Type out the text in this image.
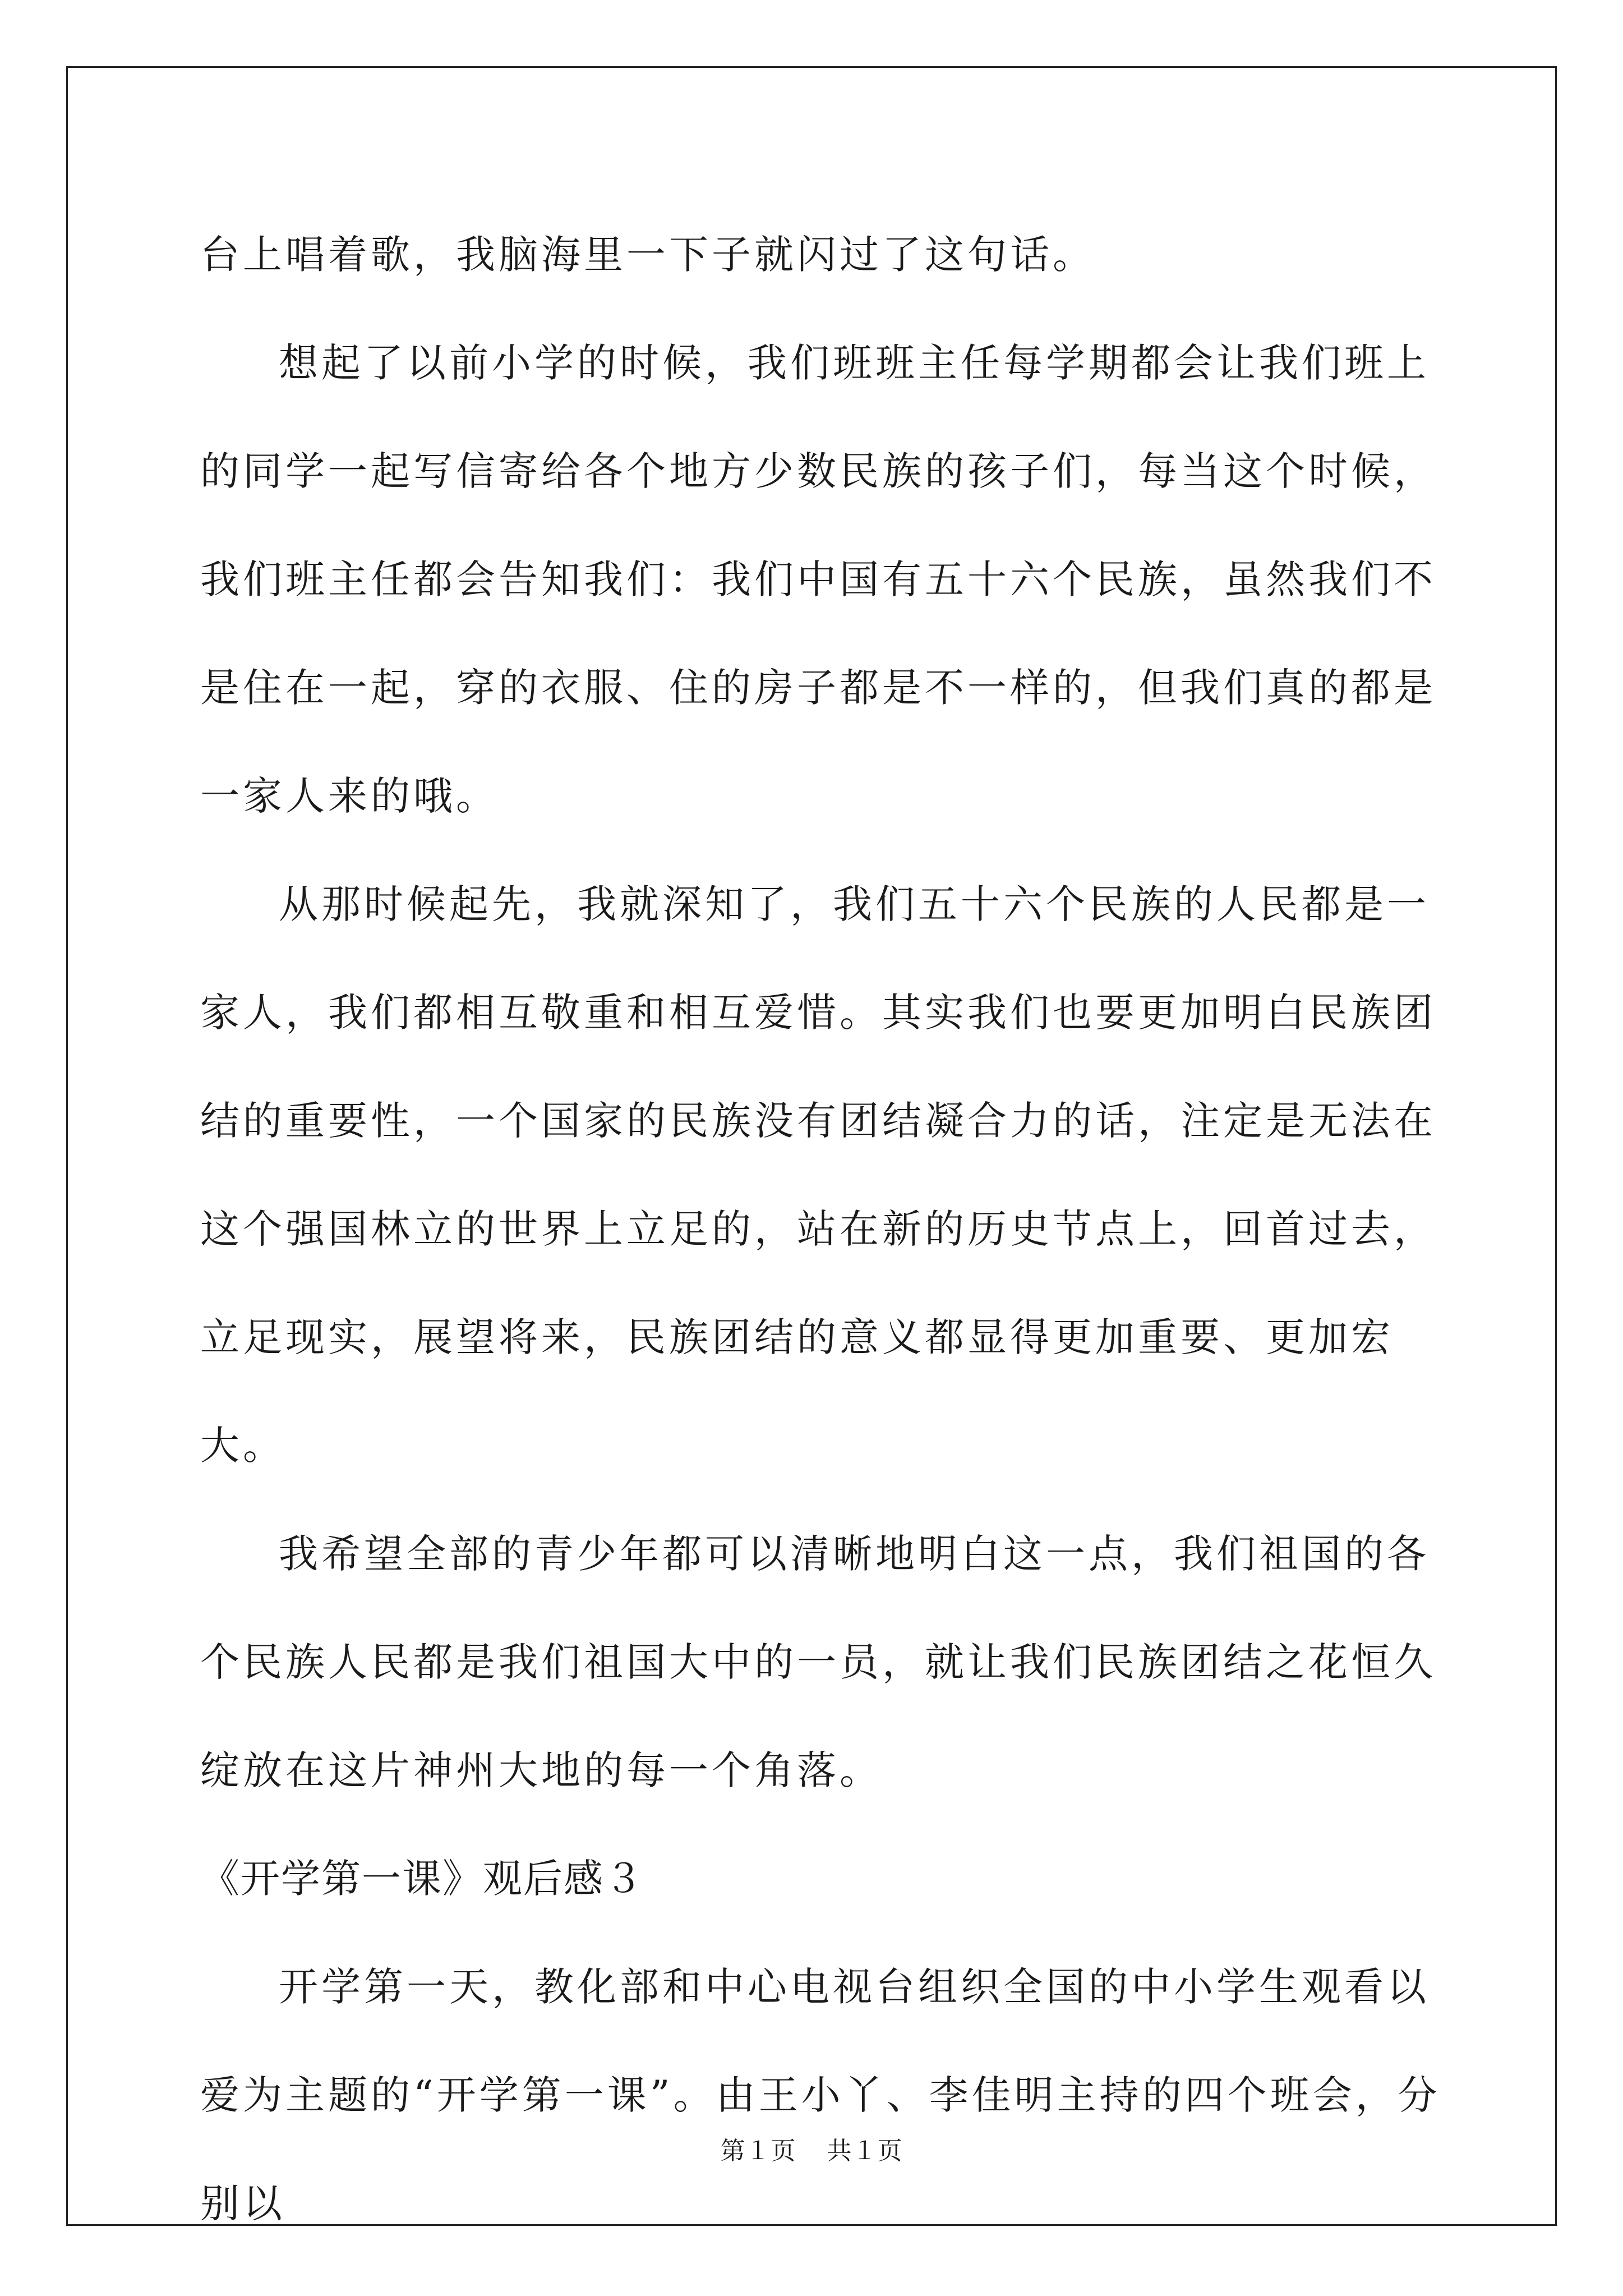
台上唱着歌，我脑海里一下子就闪过了这句话。

想起了以前小学的时候，我们班班主任每学期都会让我们班上的同学一起写信寄给各个地方少数民族的孩子们，每当这个时候，我们班主任都会告知我们：我们中国有五十六个民族，虽然我们不是住在一起，穿的衣服、住的房子都是不一样的，但我们真的都是一家人来的哦。

从那时候起先，我就深知了，我们五十六个民族的人民都是一家人，我们都相互敬重和相互爱惜。其实我们也要更加明白民族团结的重要性，一个国家的民族没有团结凝合力的话，注定是无法在这个强国林立的世界上立足的，站在新的历史节点上，回首过去，立足现实，展望将来，民族团结的意义都显得更加重要、更加宏大。

我希望全部的青少年都可以清晰地明白这一点，我们祖国的各个民族人民都是我们祖国大中的一员，就让我们民族团结之花恒久绽放在这片神州大地的每一个角落。

《开学第一课》观后感３

开学第一天，教化部和中心电视台组织全国的中小学生观看以爱为主题的“开学第一课”。由王小丫、李佳明主持的四个班会，分别以

第１页 共１页
